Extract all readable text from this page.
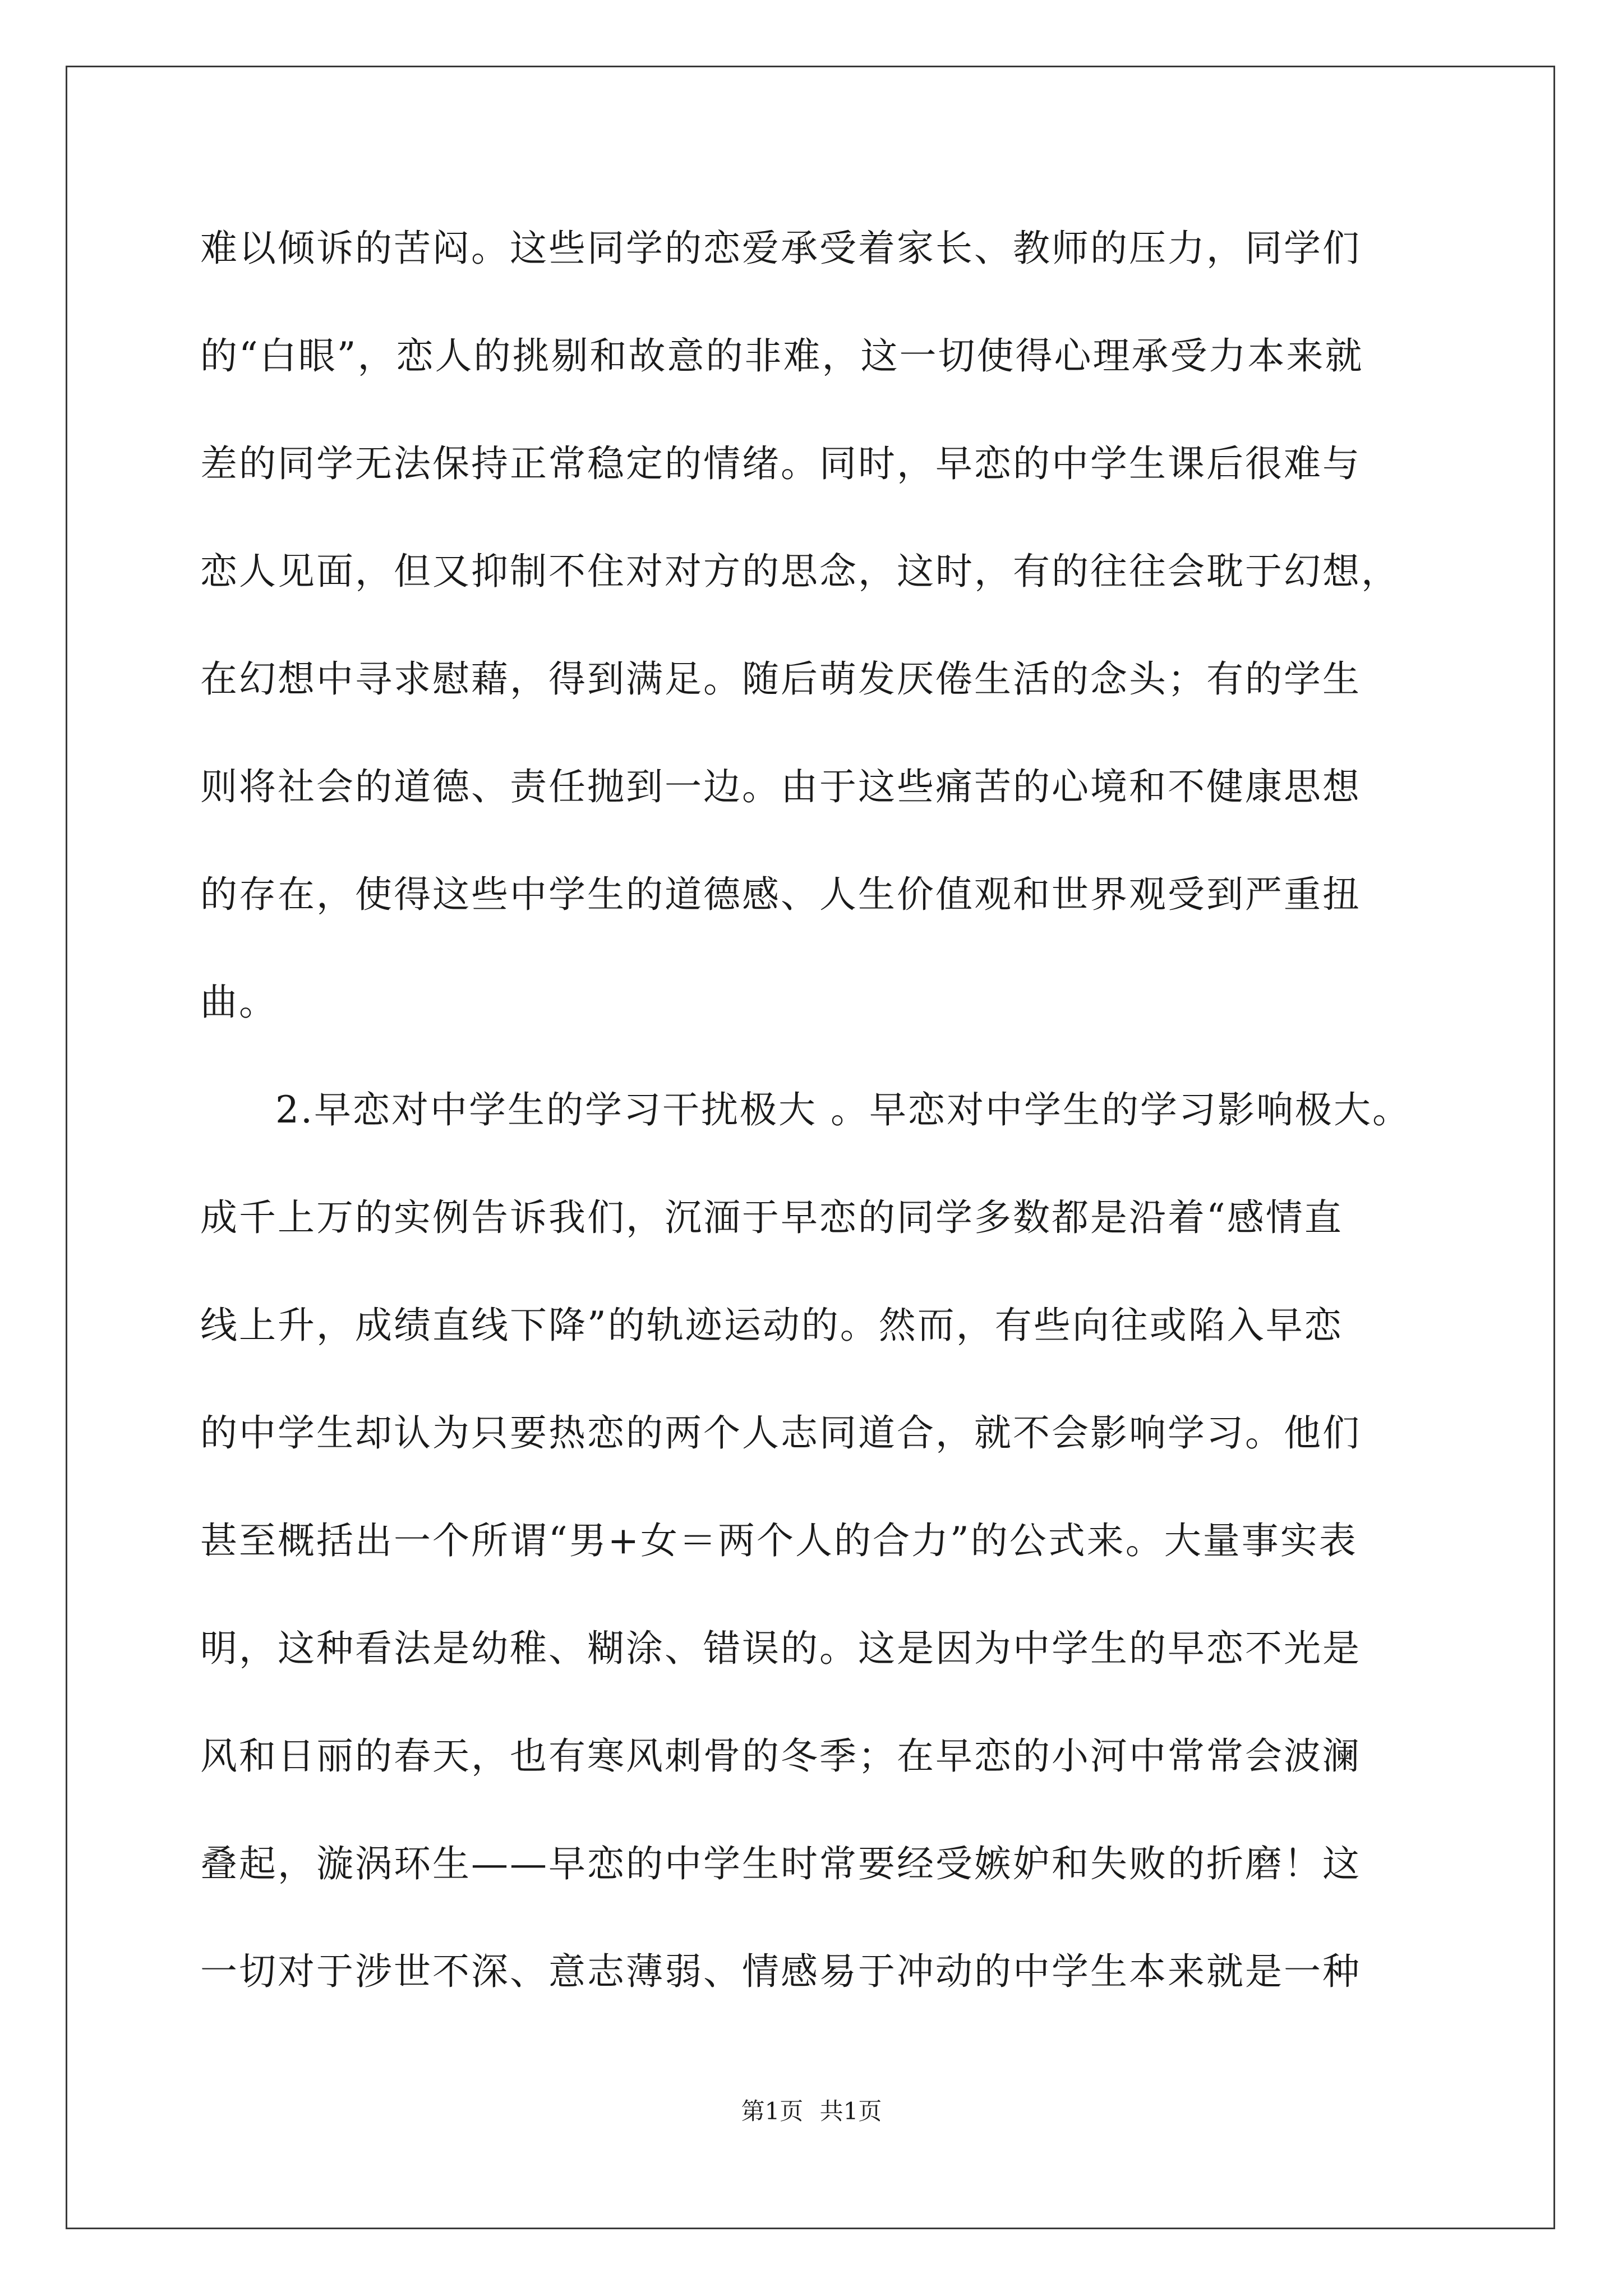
难以倾诉的苦闷。这些同学的恋爱承受着家长、教师的压力，同学们
的“白眼”，恋人的挑剔和故意的非难，这一切使得心理承受力本来就
差的同学无法保持正常稳定的情绪。同时，早恋的中学生课后很难与
恋人见面，但又抑制不住对对方的思念，这时，有的往往会耽于幻想，
在幻想中寻求慰藉，得到满足。随后萌发厌倦生活的念头；有的学生
则将社会的道德、责任抛到一边。由于这些痛苦的心境和不健康思想
的存在，使得这些中学生的道德感、人生价值观和世界观受到严重扭
曲。
2.早恋对中学生的学习干扰极大 。早恋对中学生的学习影响极大。
成千上万的实例告诉我们，沉湎于早恋的同学多数都是沿着“感情直
线上升，成绩直线下降”的轨迹运动的。然而，有些向往或陷入早恋
的中学生却认为只要热恋的两个人志同道合，就不会影响学习。他们
甚至概括出一个所谓“男+女＝两个人的合力”的公式来。大量事实表
明，这种看法是幼稚、糊涂、错误的。这是因为中学生的早恋不光是
风和日丽的春天，也有寒风刺骨的冬季；在早恋的小河中常常会波澜
叠起，漩涡环生——早恋的中学生时常要经受嫉妒和失败的折磨！这
一切对于涉世不深、意志薄弱、情感易于冲动的中学生本来就是一种
第1页 共1页
